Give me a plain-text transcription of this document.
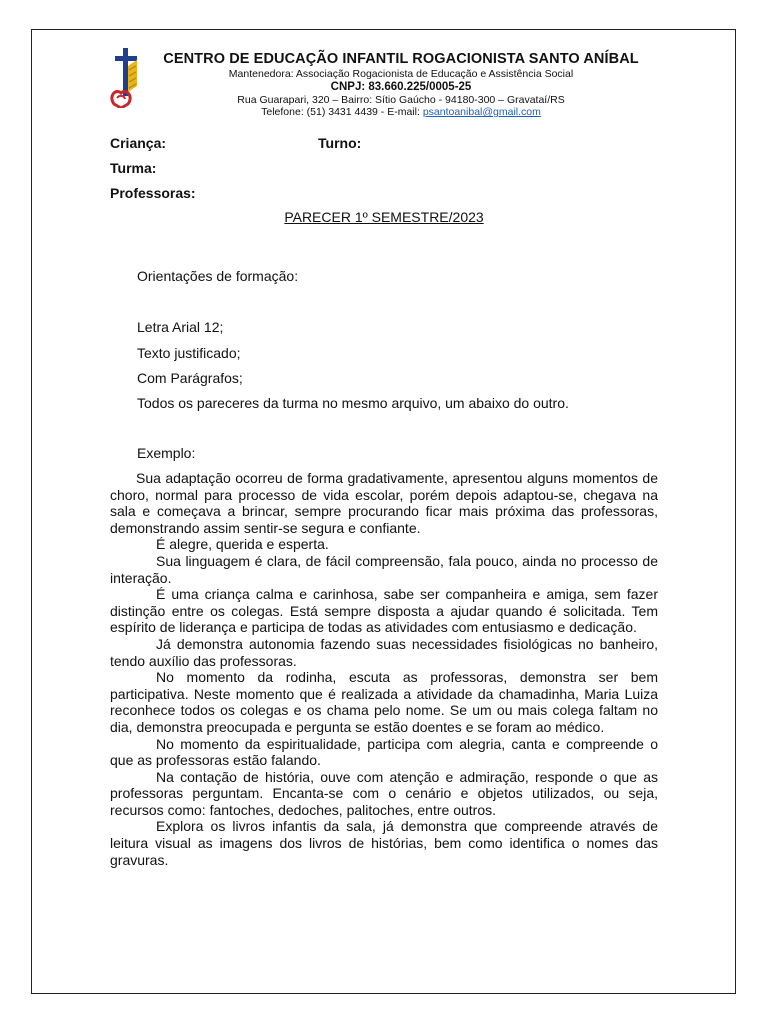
CENTRO DE EDUCAÇÃO INFANTIL ROGACIONISTA SANTO ANÍBAL

Mantenedora: Associação Rogacionista de Educação e Assistência Social

CNPJ: 83.660.225/0005-25

Rua Guarapari, 320 – Bairro: Sítio Gaúcho - 94180-300 – Gravataí/RS

Telefone: (51) 3431 4439 - E-mail: psantoanibal@gmail.com

Criança:	Turno:
Turma:
Professoras:
PARECER 1º SEMESTRE/2023
Orientações de formação:
Letra Arial 12;
Texto justificado;
Com Parágrafos;
Todos os pareceres da turma no mesmo arquivo, um abaixo do outro.
Exemplo:

Sua adaptação ocorreu de forma gradativamente, apresentou alguns momentos de choro, normal para processo de vida escolar, porém depois adaptou-se, chegava na sala e começava a brincar, sempre procurando ficar mais próxima das professoras, demonstrando assim sentir-se segura e confiante.

É alegre, querida e esperta.

Sua linguagem é clara, de fácil compreensão, fala pouco, ainda no processo de interação.

É uma criança calma e carinhosa, sabe ser companheira e amiga, sem fazer distinção entre os colegas. Está sempre disposta a ajudar quando é solicitada. Tem espírito de liderança e participa de todas as atividades com entusiasmo e dedicação.

Já demonstra autonomia fazendo suas necessidades fisiológicas no banheiro, tendo auxílio das professoras.

No momento da rodinha, escuta as professoras, demonstra ser bem participativa. Neste momento que é realizada a atividade da chamadinha, Maria Luiza reconhece todos os colegas e os chama pelo nome. Se um ou mais colega faltam no dia, demonstra preocupada e pergunta se estão doentes e se foram ao médico.

No momento da espiritualidade, participa com alegria, canta e compreende o que as professoras estão falando.

Na contação de história, ouve com atenção e admiração, responde o que as professoras perguntam. Encanta-se com o cenário e objetos utilizados, ou seja, recursos como: fantoches, dedoches, palitoches, entre outros.

Explora os livros infantis da sala, já demonstra que compreende através de leitura visual as imagens dos livros de histórias, bem como identifica o nomes das gravuras.
